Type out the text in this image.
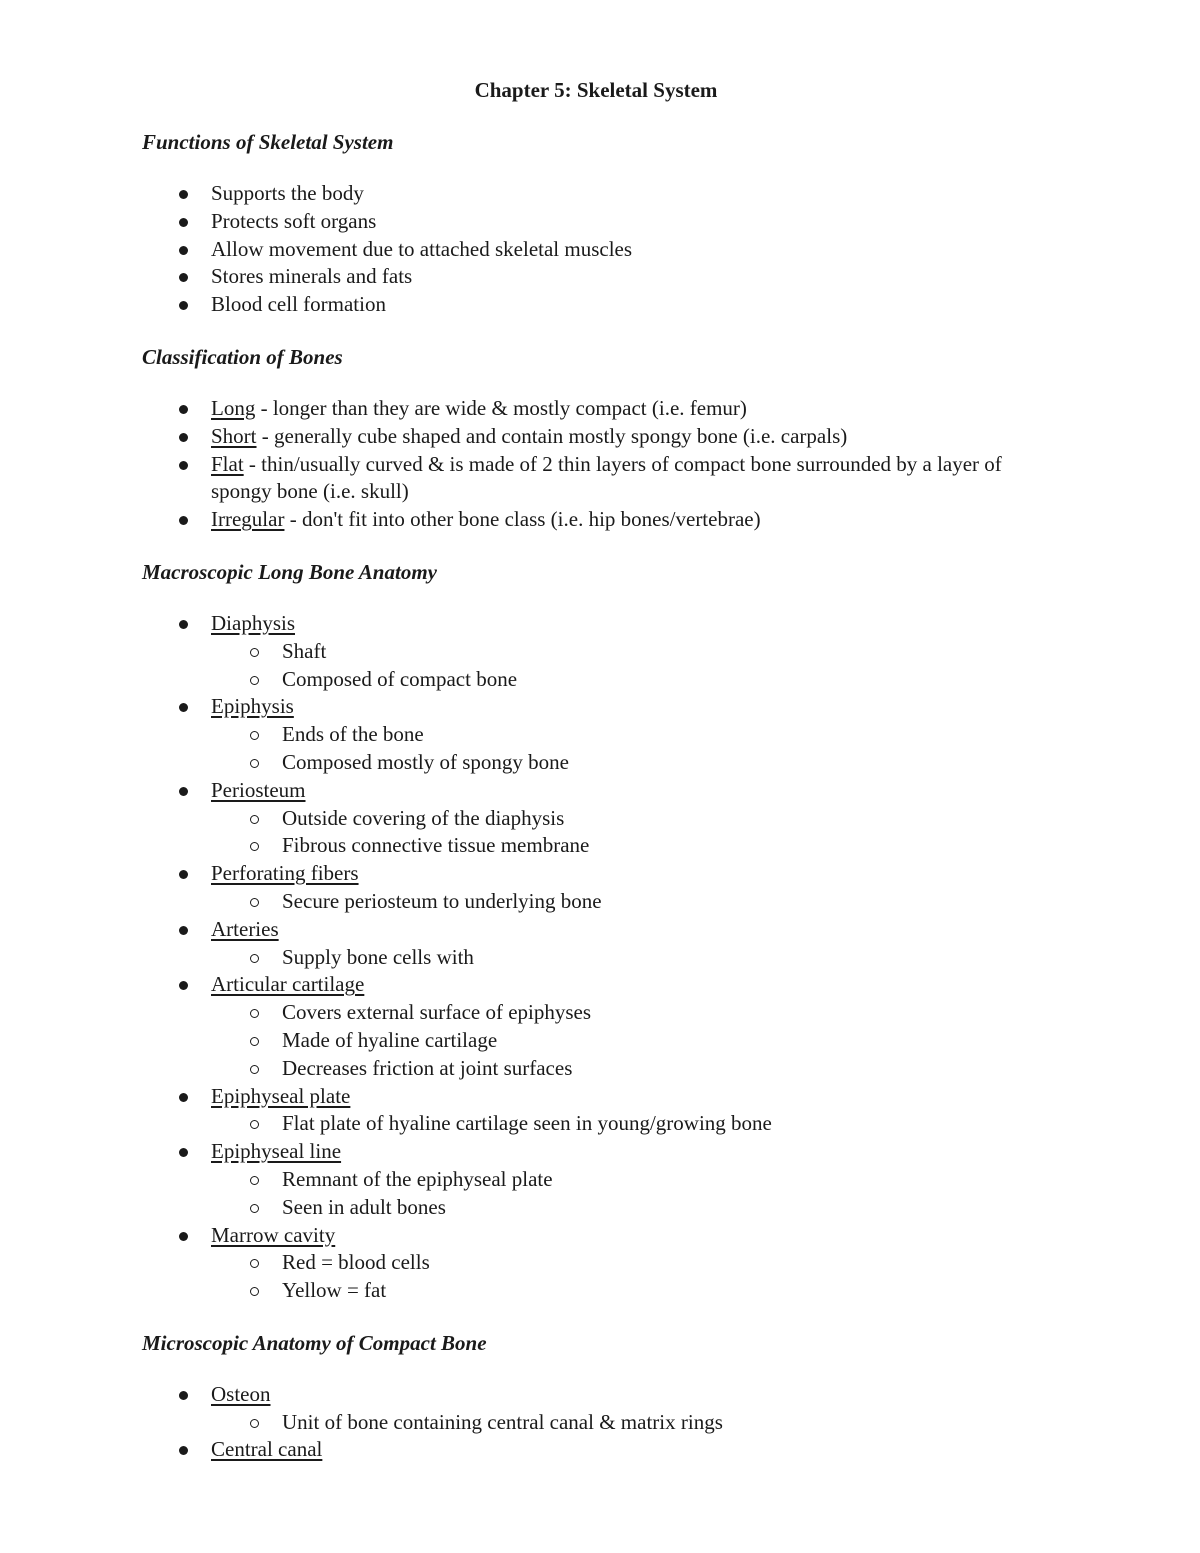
Chapter 5: Skeletal System
Functions of Skeletal System
Supports the body
Protects soft organs
Allow movement due to attached skeletal muscles
Stores minerals and fats
Blood cell formation
Classification of Bones
Long - longer than they are wide & mostly compact (i.e. femur)
Short - generally cube shaped and contain mostly spongy bone (i.e. carpals)
Flat - thin/usually curved & is made of 2 thin layers of compact bone surrounded by a layer of spongy bone (i.e. skull)
Irregular - don't fit into other bone class (i.e. hip bones/vertebrae)
Macroscopic Long Bone Anatomy
Diaphysis
Shaft
Composed of compact bone
Epiphysis
Ends of the bone
Composed mostly of spongy bone
Periosteum
Outside covering of the diaphysis
Fibrous connective tissue membrane
Perforating fibers
Secure periosteum to underlying bone
Arteries
Supply bone cells with
Articular cartilage
Covers external surface of epiphyses
Made of hyaline cartilage
Decreases friction at joint surfaces
Epiphyseal plate
Flat plate of hyaline cartilage seen in young/growing bone
Epiphyseal line
Remnant of the epiphyseal plate
Seen in adult bones
Marrow cavity
Red = blood cells
Yellow = fat
Microscopic Anatomy of Compact Bone
Osteon
Unit of bone containing central canal & matrix rings
Central canal
